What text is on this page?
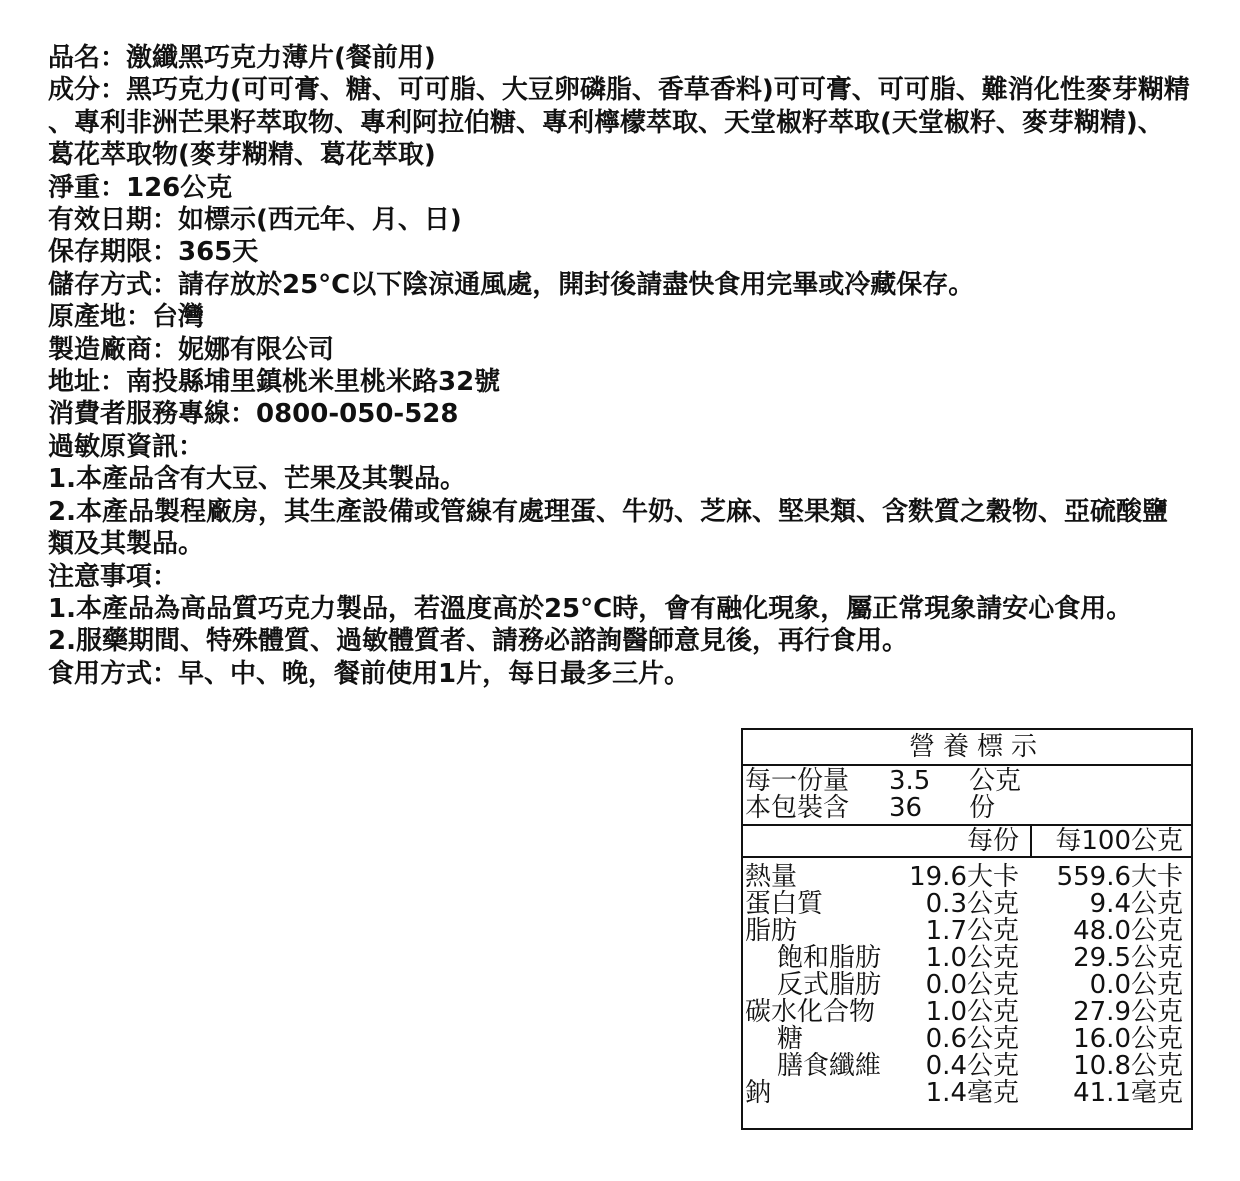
品名：激纖黑巧克力薄片(餐前用)
成分：黑巧克力(可可膏、糖、可可脂、大豆卵磷脂、香草香料)可可膏、可可脂、難消化性麥芽糊精
、專利非洲芒果籽萃取物、專利阿拉伯糖、專利檸檬萃取、天堂椒籽萃取(天堂椒籽、麥芽糊精)、
葛花萃取物(麥芽糊精、葛花萃取)
淨重：126公克
有效日期：如標示(西元年、月、日)
保存期限：365天
儲存方式：請存放於25°C以下陰涼通風處，開封後請盡快食用完畢或冷藏保存。
原產地：台灣
製造廠商：妮娜有限公司
地址：南投縣埔里鎮桃米里桃米路32號
消費者服務專線：0800-050-528
過敏原資訊：
1.本產品含有大豆、芒果及其製品。
2.本產品製程廠房，其生產設備或管線有處理蛋、牛奶、芝麻、堅果類、含麩質之穀物、亞硫酸鹽
類及其製品。
注意事項：
1.本產品為高品質巧克力製品，若溫度高於25°C時，會有融化現象，屬正常現象請安心食用。
2.服藥期間、特殊體質、過敏體質者、請務必諮詢醫師意見後，再行食用。
食用方式：早、中、晚，餐前使用1片，每日最多三片。
營養標示
每一份量 3.5 公克
本包裝含 36 份
每份 每100公克
熱量	19.6大卡 559.6大卡
蛋白質	0.3公克	9.4公克
脂肪	1.7公克 48.0公克
飽和脂肪 1.0公克 29.5公克
反式脂肪 0.0公克	0.0公克
碳水化合物 1.0公克 27.9公克
糖	0.6公克 16.0公克
膳食纖維 0.4公克 10.8公克
鈉	1.4毫克 41.1毫克
